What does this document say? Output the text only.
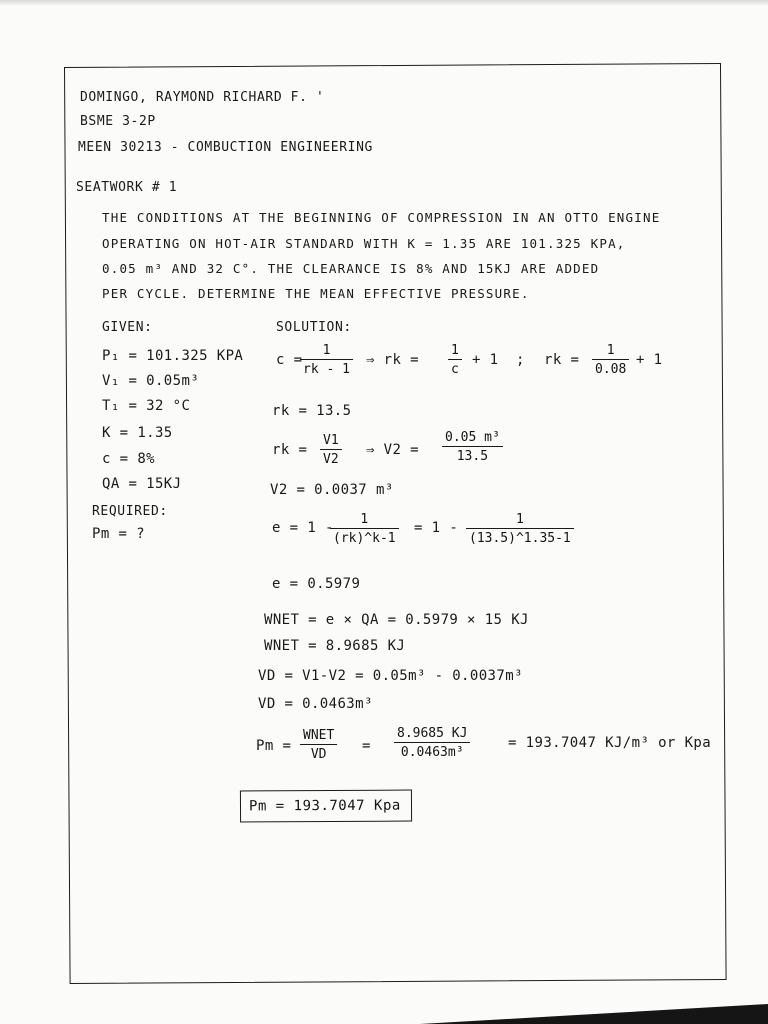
DOMINGO, RAYMOND RICHARD F. '
BSME 3-2P
MEEN 30213 - COMBUCTION ENGINEERING
SEATWORK # 1
THE CONDITIONS AT THE BEGINNING OF COMPRESSION IN AN OTTO ENGINE
OPERATING ON HOT-AIR STANDARD WITH K = 1.35 ARE 101.325 KPA,
0.05 m³ AND 32 C°. THE CLEARANCE IS 8% AND 15KJ ARE ADDED
PER CYCLE. DETERMINE THE MEAN EFFECTIVE PRESSURE.
GIVEN:
P₁ = 101.325 KPA
V₁ = 0.05m³
T₁ = 32 °C
K = 1.35
c = 8%
QA = 15KJ
REQUIRED:
Pm = ?
SOLUTION:
c =
1
rk - 1
⇒ rk =
1
c
+ 1 ; rk =
1
0.08
+ 1
rk = 13.5
rk =
V1
V2
⇒ V2 =
0.05 m³
13.5
V2 = 0.0037 m³
e = 1 -
1
(rk)^k-1
= 1 -
1
(13.5)^1.35-1
e = 0.5979
WNET = e × QA = 0.5979 × 15 KJ
WNET = 8.9685 KJ
VD = V1-V2 = 0.05m³ - 0.0037m³
VD = 0.0463m³
Pm =
WNET
VD
=
8.9685 KJ
0.0463m³
= 193.7047 KJ/m³ or Kpa
Pm = 193.7047 Kpa
